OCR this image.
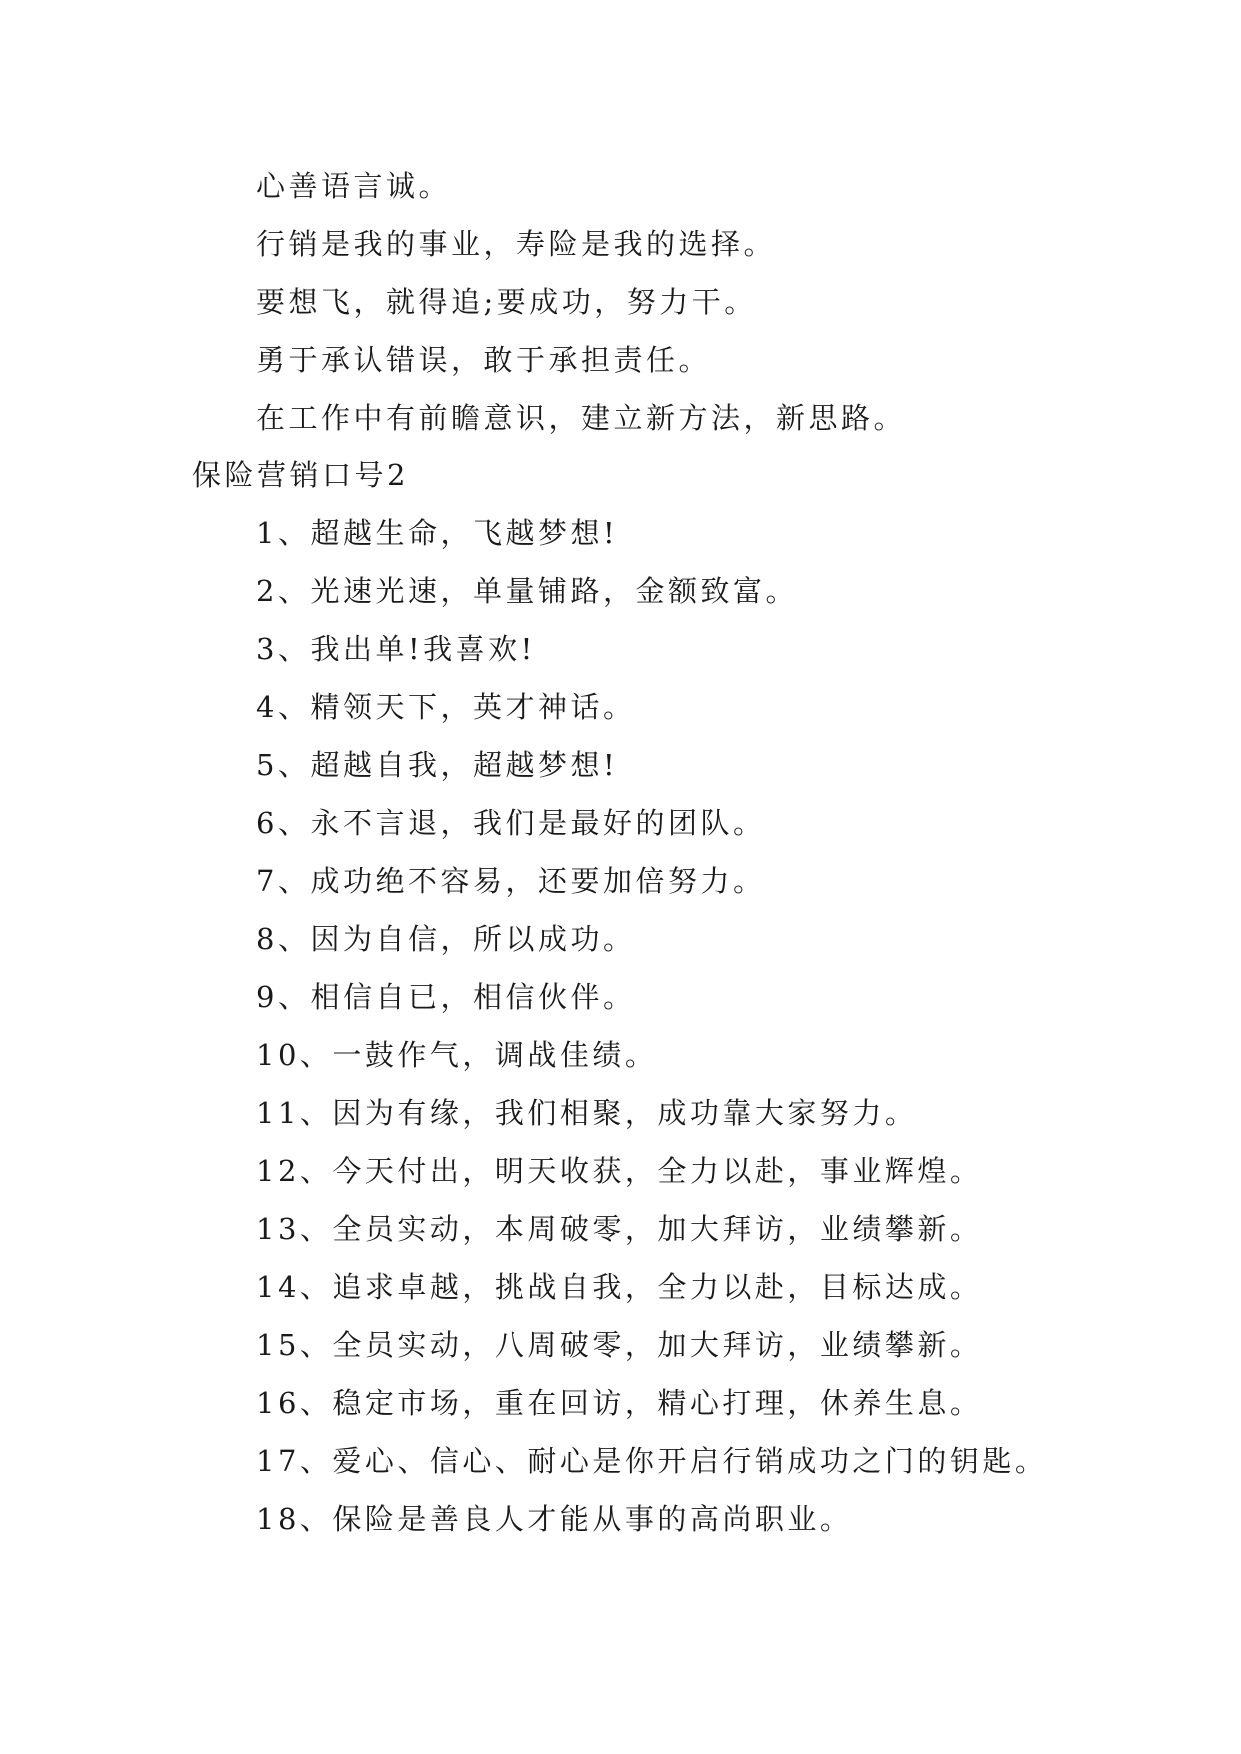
心善语言诚。
行销是我的事业，寿险是我的选择。
要想飞，就得追;要成功，努力干。
勇于承认错误，敢于承担责任。
在工作中有前瞻意识，建立新方法，新思路。
保险营销口号2
1、超越生命，飞越梦想!
2、光速光速，单量铺路，金额致富。
3、我出单!我喜欢!
4、精领天下，英才神话。
5、超越自我，超越梦想!
6、永不言退，我们是最好的团队。
7、成功绝不容易，还要加倍努力。
8、因为自信，所以成功。
9、相信自已，相信伙伴。
10、一鼓作气，调战佳绩。
11、因为有缘，我们相聚，成功靠大家努力。
12、今天付出，明天收获，全力以赴，事业辉煌。
13、全员实动，本周破零，加大拜访，业绩攀新。
14、追求卓越，挑战自我，全力以赴，目标达成。
15、全员实动，八周破零，加大拜访，业绩攀新。
16、稳定市场，重在回访，精心打理，休养生息。
17、爱心、信心、耐心是你开启行销成功之门的钥匙。
18、保险是善良人才能从事的高尚职业。
